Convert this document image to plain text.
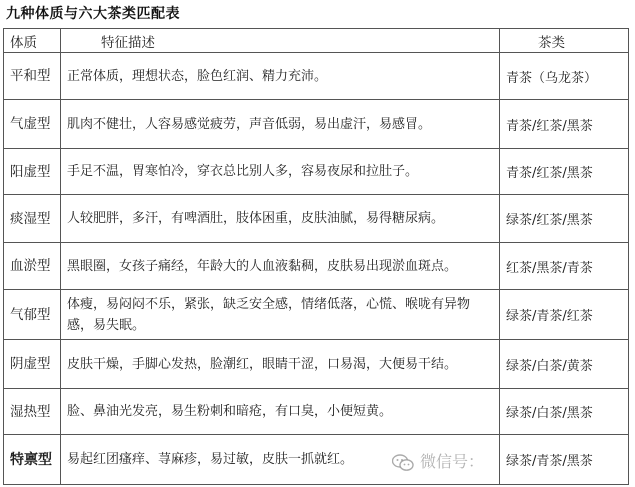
九种体质与六大茶类匹配表
体质	特征描述	茶类
平和型	正常体质，理想状态，脸色红润、精力充沛。	青茶（乌龙茶）
气虚型	肌肉不健壮，人容易感觉疲劳，声音低弱，易出虚汗，易感冒。	青茶/红茶/黑茶
阳虚型	手足不温，胃寒怕冷，穿衣总比别人多，容易夜尿和拉肚子。	青茶/红茶/黑茶
痰湿型	人较肥胖，多汗，有啤酒肚，肢体困重，皮肤油腻，易得糖尿病。	绿茶/红茶/黑茶
血淤型	黑眼圈，女孩子痛经，年龄大的人血液黏稠，皮肤易出现淤血斑点。	红茶/黑茶/青茶
气郁型	体瘦，易闷闷不乐，紧张，缺乏安全感，情绪低落，心慌、喉咙有异物感，易失眠。	绿茶/青茶/红茶
阴虚型	皮肤干燥，手脚心发热，脸潮红，眼睛干涩，口易渴，大便易干结。	绿茶/白茶/黄茶
湿热型	脸、鼻油光发亮，易生粉刺和暗疮，有口臭，小便短黄。	绿茶/白茶/黑茶
特禀型	易起红团瘙痒、荨麻疹，易过敏，皮肤一抓就红。	绿茶/青茶/黑茶
微信号：
